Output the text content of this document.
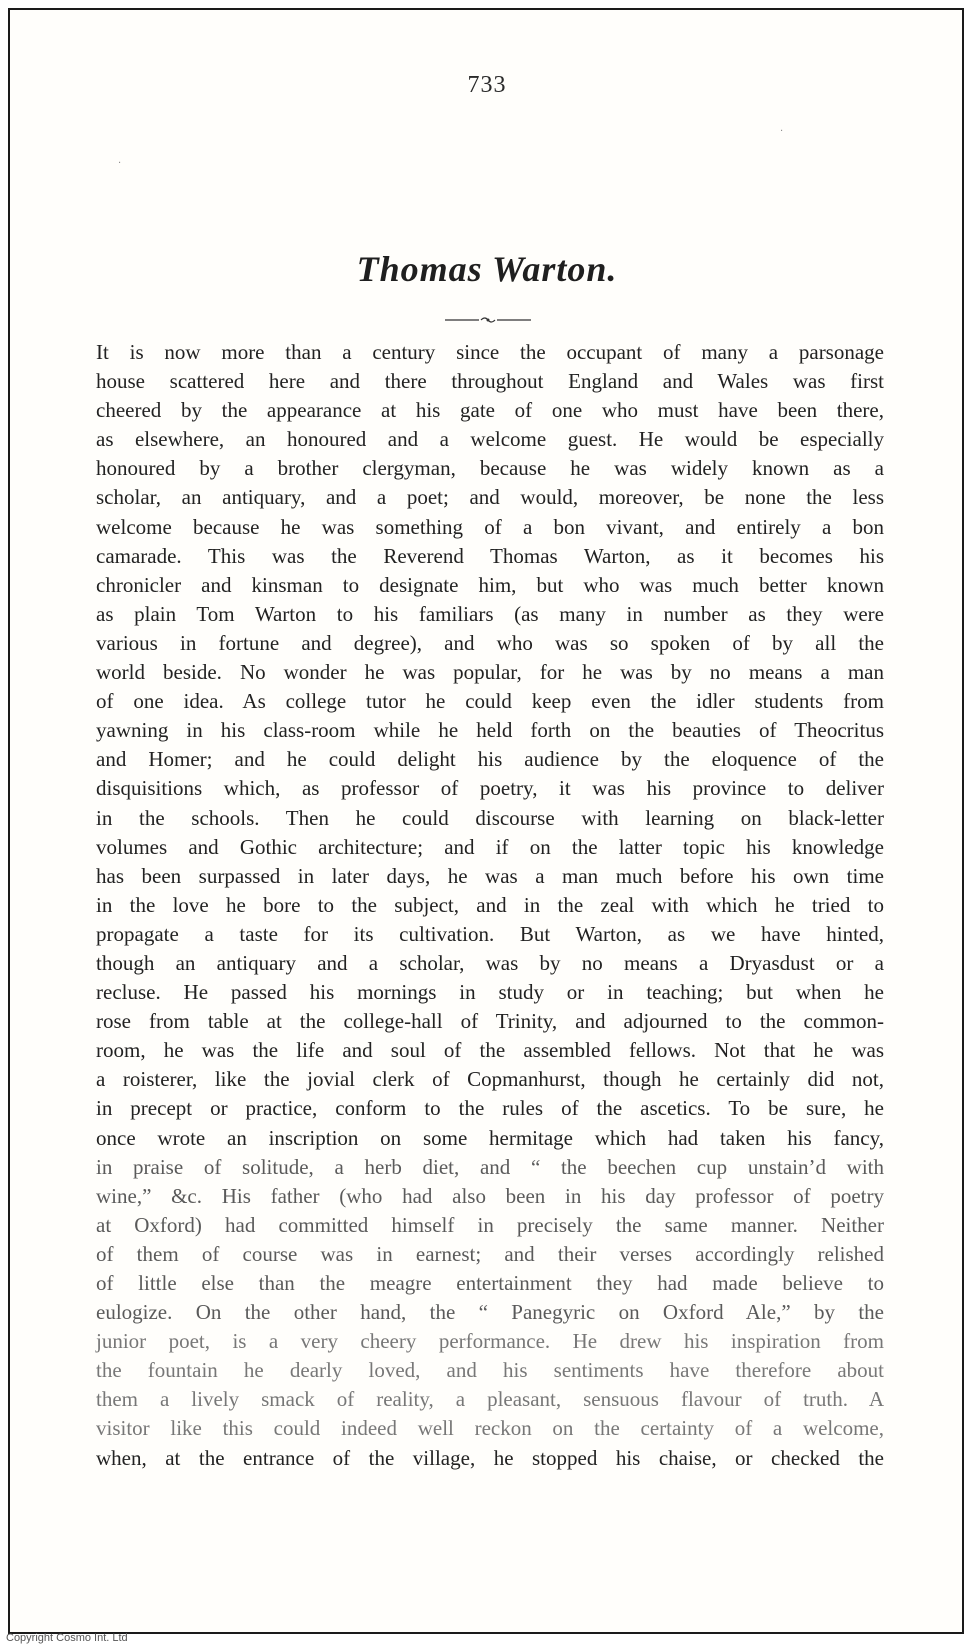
·
·
733
Thomas Warton.
It is now more than a century since the occupant of many a parsonage
house scattered here and there throughout England and Wales was first
cheered by the appearance at his gate of one who must have been there,
as elsewhere, an honoured and a welcome guest. He would be especially
honoured by a brother clergyman, because he was widely known as a
scholar, an antiquary, and a poet; and would, moreover, be none the less
welcome because he was something of a bon vivant, and entirely a bon
camarade. This was the Reverend Thomas Warton, as it becomes his
chronicler and kinsman to designate him, but who was much better known
as plain Tom Warton to his familiars (as many in number as they were
various in fortune and degree), and who was so spoken of by all the
world beside. No wonder he was popular, for he was by no means a man
of one idea. As college tutor he could keep even the idler students from
yawning in his class-room while he held forth on the beauties of Theocritus
and Homer; and he could delight his audience by the eloquence of the
disquisitions which, as professor of poetry, it was his province to deliver
in the schools. Then he could discourse with learning on black-letter
volumes and Gothic architecture; and if on the latter topic his knowledge
has been surpassed in later days, he was a man much before his own time
in the love he bore to the subject, and in the zeal with which he tried to
propagate a taste for its cultivation. But Warton, as we have hinted,
though an antiquary and a scholar, was by no means a Dryasdust or a
recluse. He passed his mornings in study or in teaching; but when he
rose from table at the college-hall of Trinity, and adjourned to the common-
room, he was the life and soul of the assembled fellows. Not that he was
a roisterer, like the jovial clerk of Copmanhurst, though he certainly did not,
in precept or practice, conform to the rules of the ascetics. To be sure, he
once wrote an inscription on some hermitage which had taken his fancy,
in praise of solitude, a herb diet, and “ the beechen cup unstain’d with
wine,” &c. His father (who had also been in his day professor of poetry
at Oxford) had committed himself in precisely the same manner. Neither
of them of course was in earnest; and their verses accordingly relished
of little else than the meagre entertainment they had made believe to
eulogize. On the other hand, the “ Panegyric on Oxford Ale,” by the
junior poet, is a very cheery performance. He drew his inspiration from
the fountain he dearly loved, and his sentiments have therefore about
them a lively smack of reality, a pleasant, sensuous flavour of truth. A
visitor like this could indeed well reckon on the certainty of a welcome,
when, at the entrance of the village, he stopped his chaise, or checked the
Copyright Cosmo Int. Ltd
